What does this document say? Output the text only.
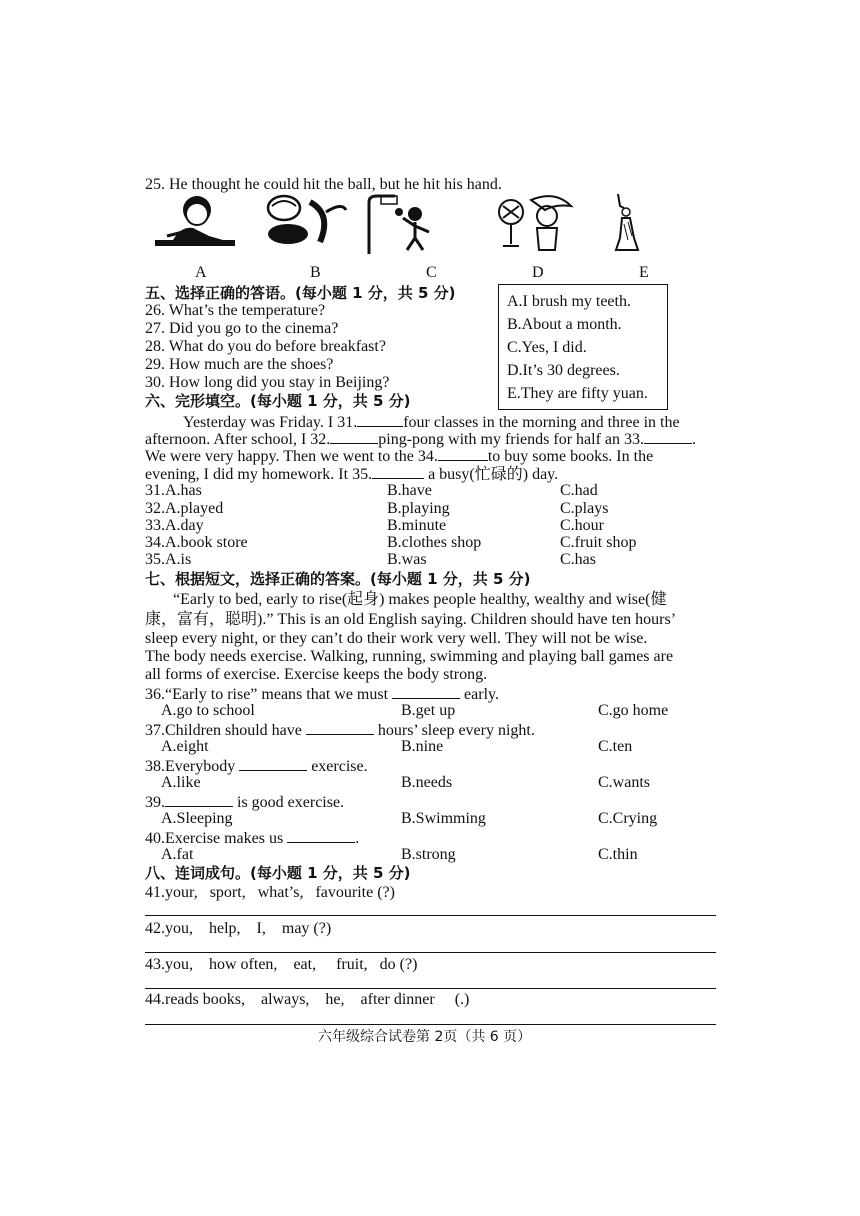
25. He thought he could hit the ball, but he hit his hand.
A	B	C	D	E
五、选择正确的答语。(每小题 1 分，共 5 分)
26. What’s the temperature?
27. Did you go to the cinema?
28. What do you do before breakfast?
29. How much are the shoes?
30. How long did you stay in Beijing?
A.I brush my teeth.
B.About a month.
C.Yes, I did.
D.It’s 30 degrees.
E.They are fifty yuan.
六、完形填空。(每小题 1 分，共 5 分)
Yesterday was Friday. I 31.	four classes in the morning and three in the
afternoon. After school, I 32.	ping-pong with my friends for half an 33.	.
We were very happy. Then we went to the 34.	to buy some books. In the
evening, I did my homework. It 35.	a busy(忙碌的) day.
31.A.has	B.have	C.had
32.A.played	B.playing	C.plays
33.A.day	B.minute	C.hour
34.A.book store	B.clothes shop	C.fruit shop
35.A.is	B.was	C.has
七、根据短文，选择正确的答案。(每小题 1 分，共 5 分)
“Early to bed, early to rise(起身) makes people healthy, wealthy and wise(健
康，富有，聪明).” This is an old English saying. Children should have ten hours’
sleep every night, or they can’t do their work very well. They will not be wise.
The body needs exercise. Walking, running, swimming and playing ball games are
all forms of exercise. Exercise keeps the body strong.
36.“Early to rise” means that we must	early.
A.go to school	B.get up	C.go home
37.Children should have	hours’ sleep every night.
A.eight	B.nine	C.ten
38.Everybody	exercise.
A.like	B.needs	C.wants
39.	is good exercise.
A.Sleeping	B.Swimming	C.Crying
40.Exercise makes us	.
A.fat	B.strong	C.thin
八、连词成句。(每小题 1 分，共 5 分)
41.your, sport, what’s, favourite (?)
42.you, help, I, may (?)
43.you, how often, eat, fruit, do (?)
44.reads books, always, he, after dinner (.)
六年级综合试卷第 2页（共 6 页）
